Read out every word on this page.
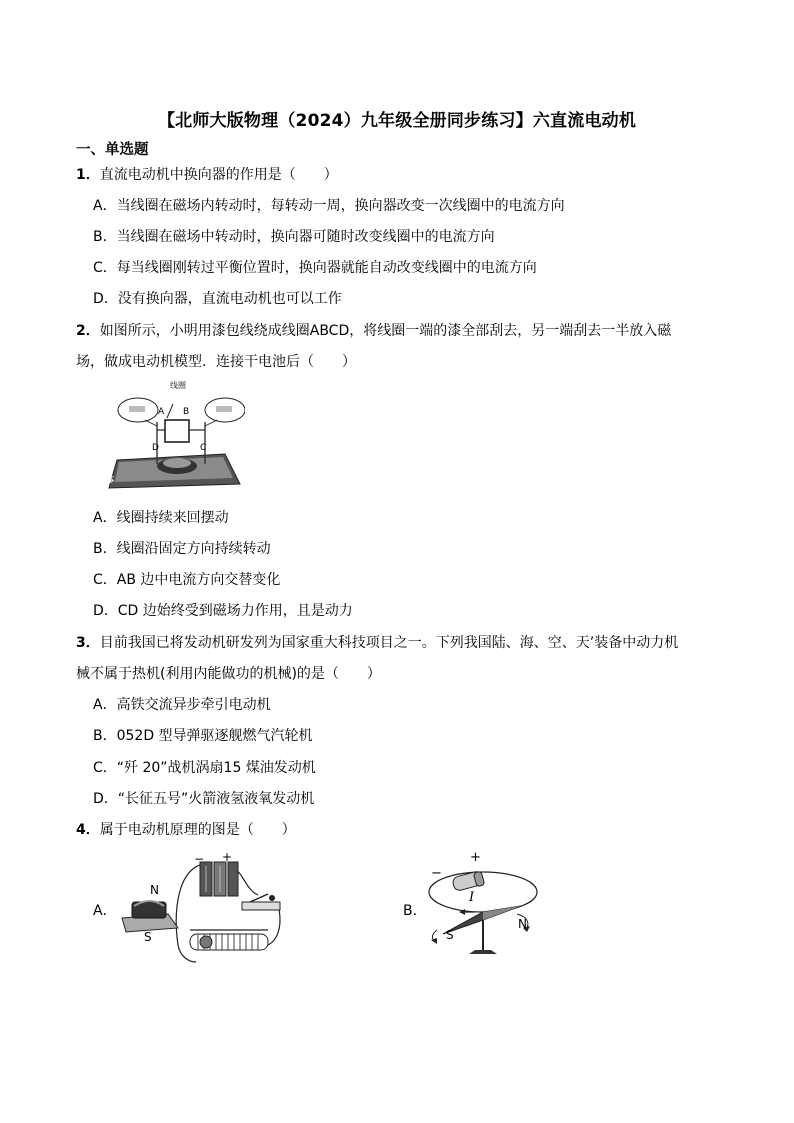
【北师大版物理（2024）九年级全册同步练习】六直流电动机
一、单选题
1．直流电动机中换向器的作用是（　　）
A．当线圈在磁场内转动时，每转动一周，换向器改变一次线圈中的电流方向
B．当线圈在磁场中转动时，换向器可随时改变线圈中的电流方向
C．每当线圈刚转过平衡位置时，换向器就能自动改变线圈中的电流方向
D．没有换向器，直流电动机也可以工作
2．如图所示，小明用漆包线绕成线圈ABCD，将线圈一端的漆全部刮去，另一端刮去一半放入磁
场，做成电动机模型．连接干电池后（　　）
线圈
A B
D	C
磁体
A．线圈持续来回摆动
B．线圈沿固定方向持续转动
C．AB 边中电流方向交替变化
D．CD 边始终受到磁场力作用，且是动力
3．目前我国已将发动机研发列为国家重大科技项目之一。下列我国陆、海、空、天’装备中动力机
械不属于热机(利用内能做功的机械)的是（　　）
A．高铁交流异步牵引电动机
B．052D 型导弹驱逐舰燃气汽轮机
C．“歼 20”战机涡扇15 煤油发动机
D．“长征五号”火箭液氢液氧发动机
4．属于电动机原理的图是（　　）
A．
N
S
+
−
B．
+
−
I
S
N
